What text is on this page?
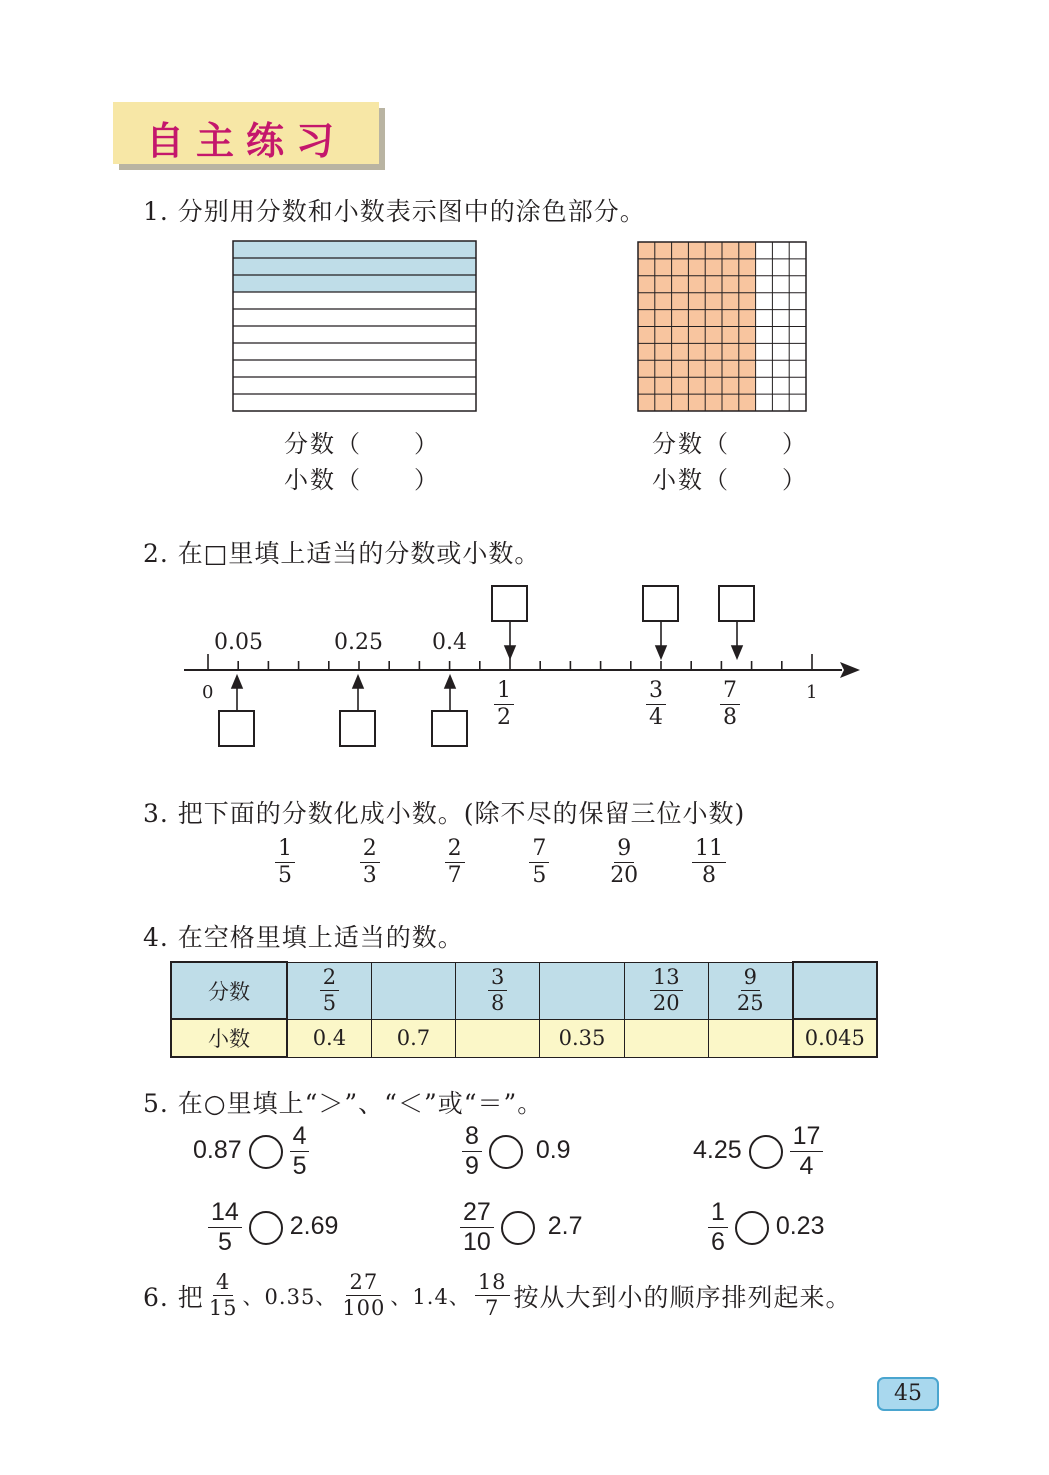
自主练习
1. 分别用分数和小数表示图中的涂色部分。
分数（　　）
小数（　　）
分数（　　）
小数（　　）
2. 在□里填上适当的分数或小数。
0.05	0.25 0.4
0	1
1
2
3
4
7
8
3. 把下面的分数化成小数。(除不尽的保留三位小数)
1
5
2
3
2
7
7
5
9
20
11
8
4. 在空格里填上适当的数。
分数	$\frac{2}{5}$		$\frac{3}{8}$		$\frac{13}{20}$	$\frac{9}{25}$

小数	0.4	0.7		0.35			0.045
5. 在○里填上“＞”、“＜”或“＝”。
$0.87 \frac{4}{5}$	$\frac{8}{9} 0.9$	$4.25 \frac{17}{4}$
$\frac{14}{5} 2.69$	$\frac{27}{10} 2.7$	$\frac{1}{6} 0.23$
6. 把
4
15 、0.35、
27
100 、1.4、
18
7 按从大到小的顺序排列起来。
45
